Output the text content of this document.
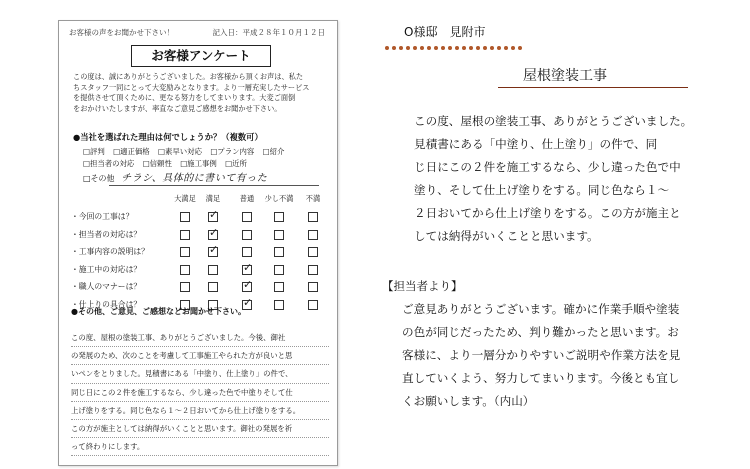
お客様の声をお聞かせ下さい！	記入日：平成２８年１０月１２日
お客様アンケート
この度は、誠にありがとうございました。お客様から頂くお声は、私た
ちスタッフ一同にとって大変励みとなります。より一層充実したサービス
を提供させて頂くために、更なる努力をしてまいります。大変ご面倒
をおかけいたしますが、率直なご意見ご感想をお聞かせ下さい。
●当社を選ばれた理由は何でしょうか？（複数可）
□評判 □適正価格 □素早い対応 □プラン内容 □紹介
□担当者の対応 □信頼性 □施工事例 □近所
□その他 チラシ、具体的に書いて有った
大満足 満足	普通 少し不満 不満
・今回の工事は？
✓
・担当者の対応は？
✓
・工事内容の説明は？
✓
・施工中の対応は？
✓
・職人のマナーは？
✓
・仕上りの具合は？
✓
●その他、ご意見、ご感想などお聞かせ下さい。
この度、屋根の塗装工事、ありがとうございました。今後、御社
の発展のため、次のことを考慮して工事施工やられた方が良いと思
いペンをとりました。見積書にある「中塗り、仕上塗り」の件で、
同じ日にこの２件を施工するなら、少し違った色で中塗りそして仕
上げ塗りをする。同じ色なら１～２日おいてから仕上げ塗りをする。
この方が施主としては納得がいくことと思います。御社の発展を祈
って終わりにします。
O様邸　見附市
屋根塗装工事
この度、屋根の塗装工事、ありがとうございました。
見積書にある「中塗り、仕上塗り」の件で、同
じ日にこの２件を施工するなら、少し違った色で中
塗り、そして仕上げ塗りをする。同じ色なら１～
２日おいてから仕上げ塗りをする。この方が施主と
しては納得がいくことと思います。
【担当者より】
ご意見ありがとうございます。確かに作業手順や塗装
の色が同じだったため、判り難かったと思います。お
客様に、より一層分かりやすいご説明や作業方法を見
直していくよう、努力してまいります。今後とも宜し
くお願いします。（内山）
